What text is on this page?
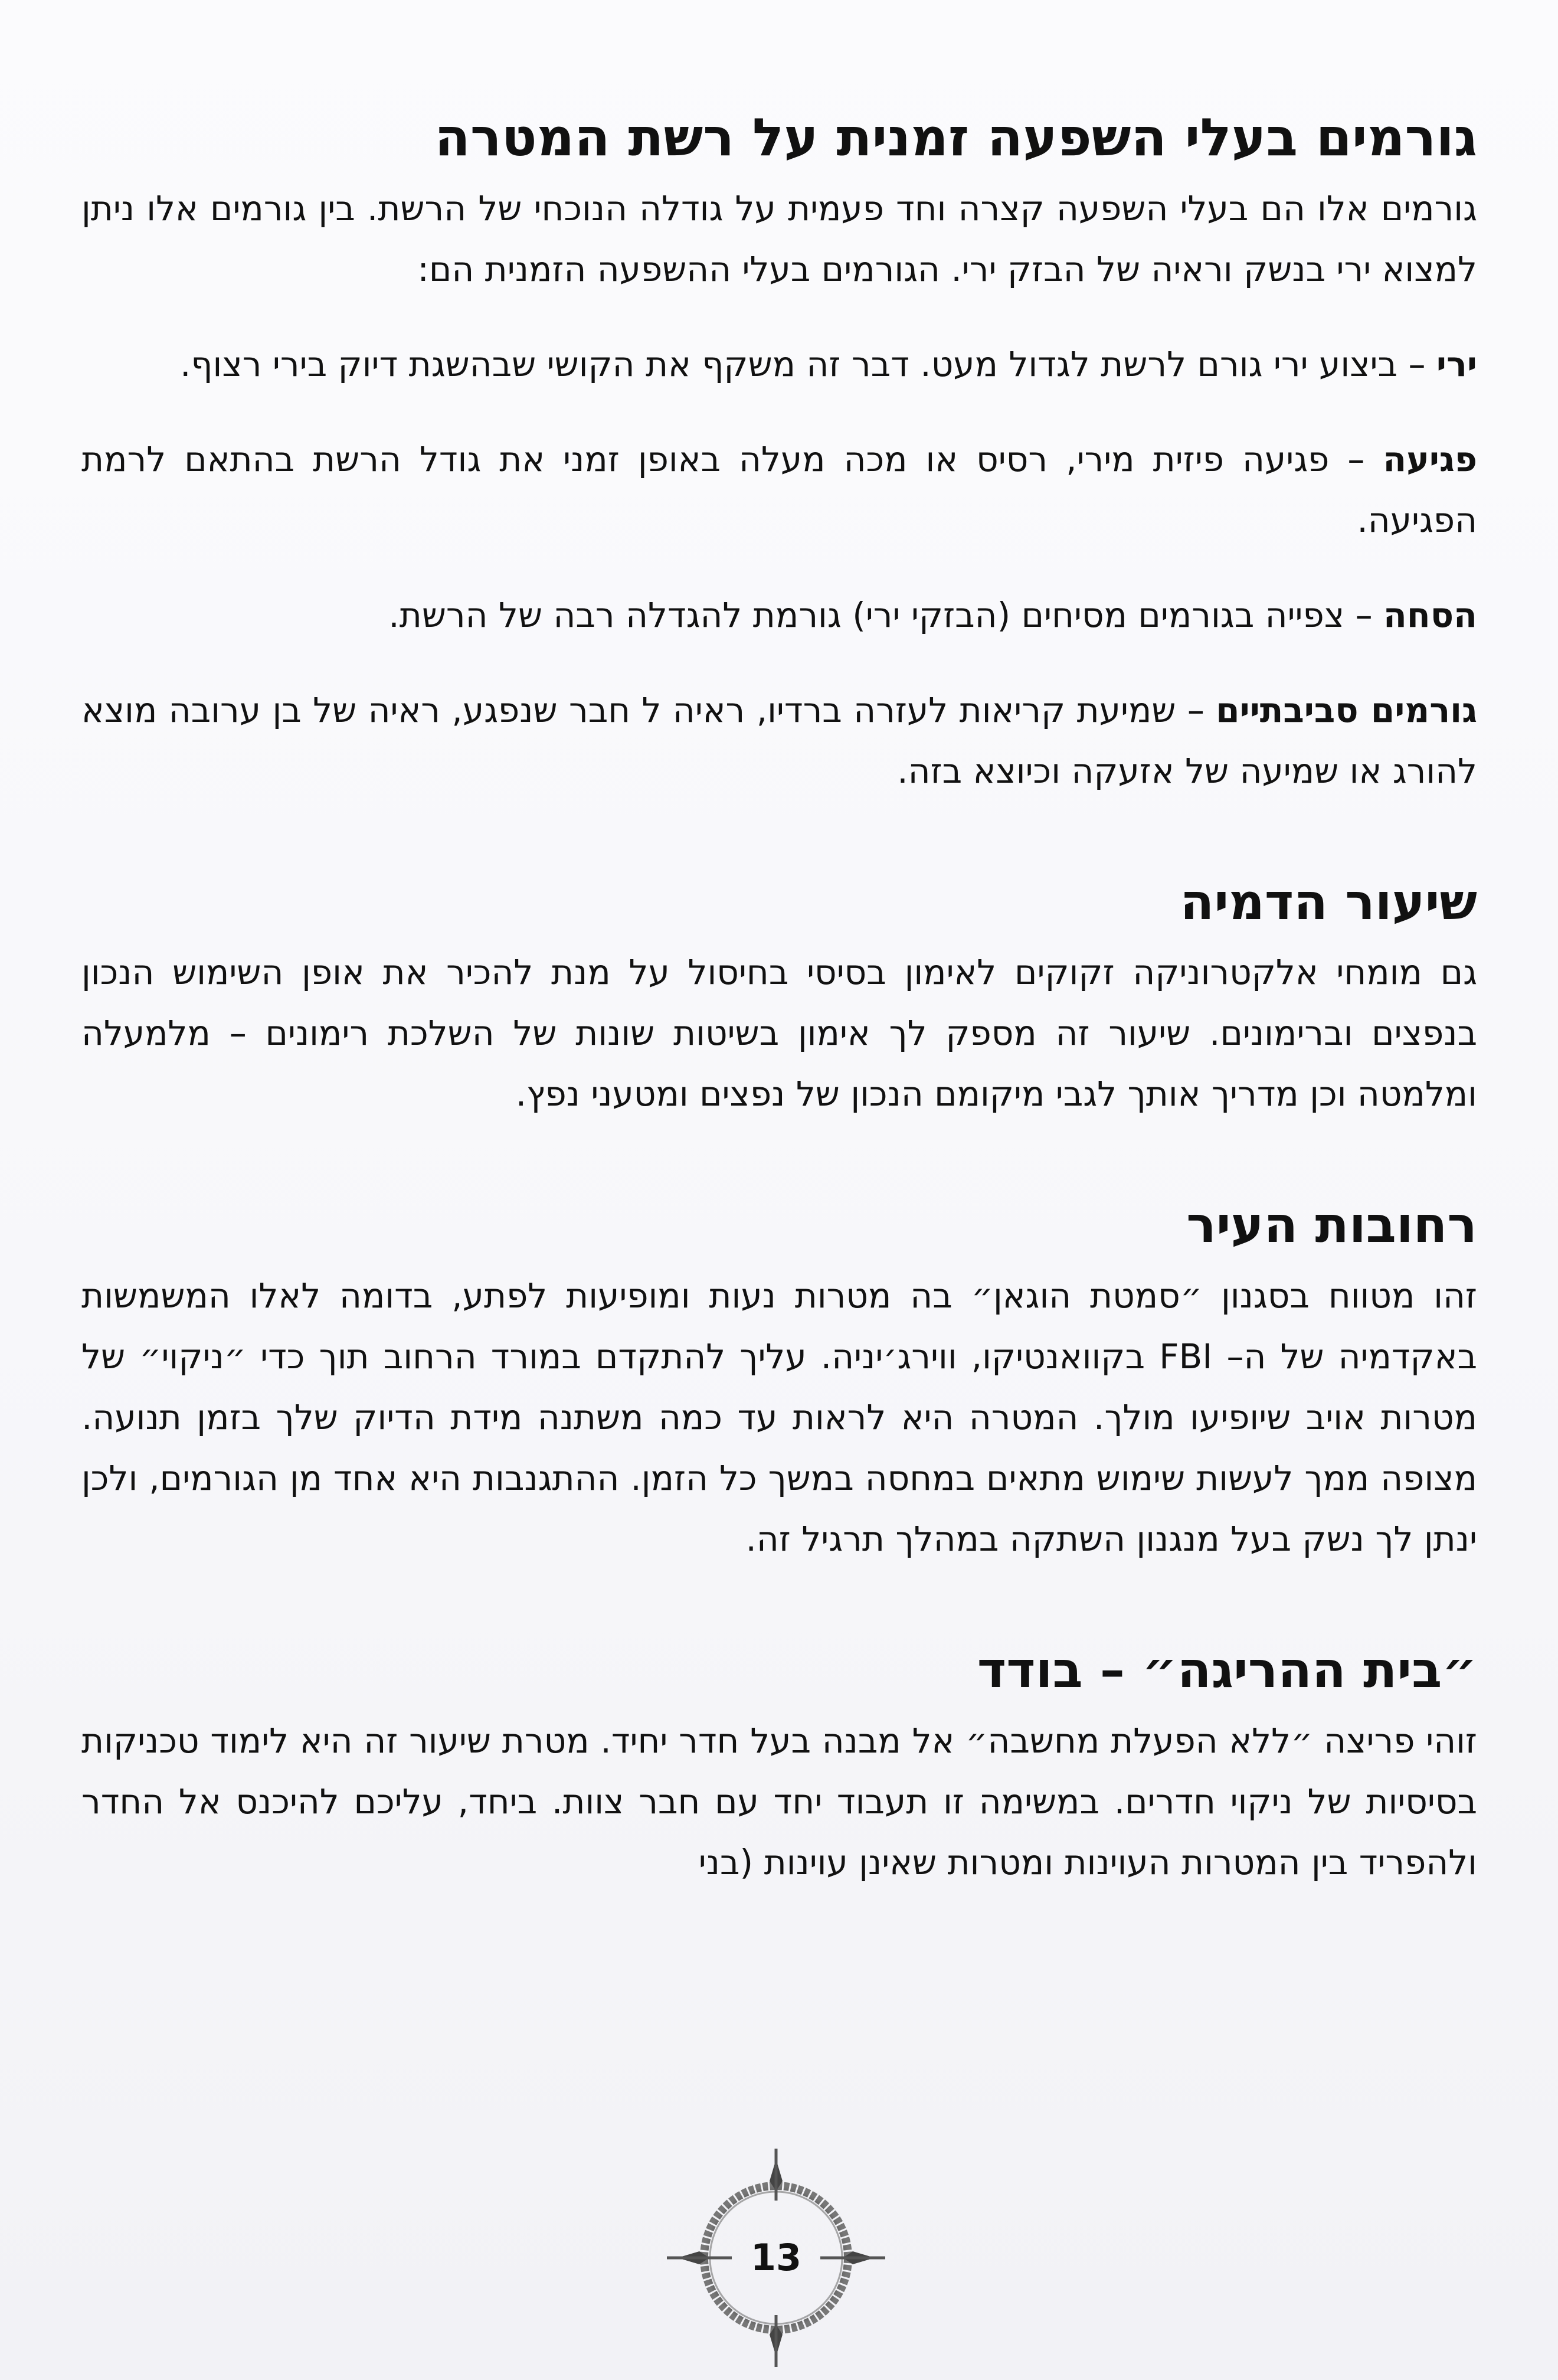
גורמים בעלי השפעה זמנית על רשת המטרה

גורמים אלו הם בעלי השפעה קצרה וחד פעמית על גודלה הנוכחי של הרשת. בין גורמים אלו ניתן למצוא ירי בנשק וראיה של הבזק ירי. הגורמים בעלי ההשפעה הזמנית הם:

ירי – ביצוע ירי גורם לרשת לגדול מעט. דבר זה משקף את הקושי שבהשגת דיוק בירי רצוף.

פגיעה – פגיעה פיזית מירי, רסיס או מכה מעלה באופן זמני את גודל הרשת בהתאם לרמת הפגיעה.

הסחה – צפייה בגורמים מסיחים (הבזקי ירי) גורמת להגדלה רבה של הרשת.

גורמים סביבתיים – שמיעת קריאות לעזרה ברדיו, ראיה ל חבר שנפגע, ראיה של בן ערובה מוצא להורג או שמיעה של אזעקה וכיוצא בזה.

שיעור הדמיה

גם מומחי אלקטרוניקה זקוקים לאימון בסיסי בחיסול על מנת להכיר את אופן השימוש הנכון בנפצים וברימונים. שיעור זה מספק לך אימון בשיטות שונות של השלכת רימונים – מלמעלה ומלמטה וכן מדריך אותך לגבי מיקומם הנכון של נפצים ומטעני נפץ.

רחובות העיר

זהו מטווח בסגנון ״סמטת הוגאן״ בה מטרות נעות ומופיעות לפתע, בדומה לאלו המשמשות באקדמיה של ה– FBI בקוואנטיקו, ווירג׳יניה. עליך להתקדם במורד הרחוב תוך כדי ״ניקוי״ של מטרות אויב שיופיעו מולך. המטרה היא לראות עד כמה משתנה מידת הדיוק שלך בזמן תנועה. מצופה ממך לעשות שימוש מתאים במחסה במשך כל הזמן. ההתגנבות היא אחד מן הגורמים, ולכן ינתן לך נשק בעל מנגנון השתקה במהלך תרגיל זה.

״בית ההריגה״ – בודד

זוהי פריצה ״ללא הפעלת מחשבה״ אל מבנה בעל חדר יחיד. מטרת שיעור זה היא לימוד טכניקות בסיסיות של ניקוי חדרים. במשימה זו תעבוד יחד עם חבר צוות. ביחד, עליכם להיכנס אל החדר ולהפריד בין המטרות העוינות ומטרות שאינן עוינות (בני

13
